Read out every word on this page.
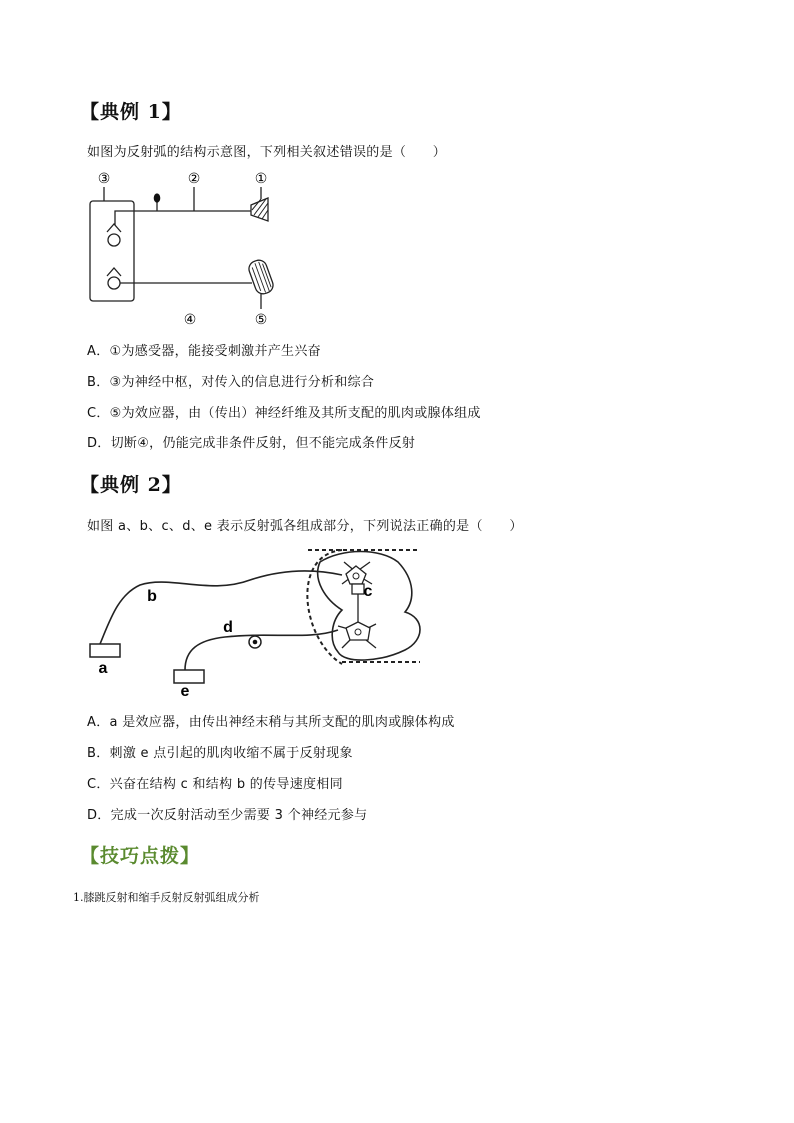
【典例 1】
如图为反射弧的结构示意图，下列相关叙述错误的是（　　）
③	②	①
④	⑤
A．①为感受器，能接受刺激并产生兴奋
B．③为神经中枢，对传入的信息进行分析和综合
C．⑤为效应器，由（传出）神经纤维及其所支配的肌肉或腺体组成
D．切断④，仍能完成非条件反射，但不能完成条件反射
【典例 2】
如图 a、b、c、d、e 表示反射弧各组成部分，下列说法正确的是（　　）
a
b	c
d
e
A．a 是效应器，由传出神经末稍与其所支配的肌肉或腺体构成
B．刺激 e 点引起的肌肉收缩不属于反射现象
C．兴奋在结构 c 和结构 b 的传导速度相同
D．完成一次反射活动至少需要 3 个神经元参与
【技巧点拨】
1.膝跳反射和缩手反射反射弧组成分析
